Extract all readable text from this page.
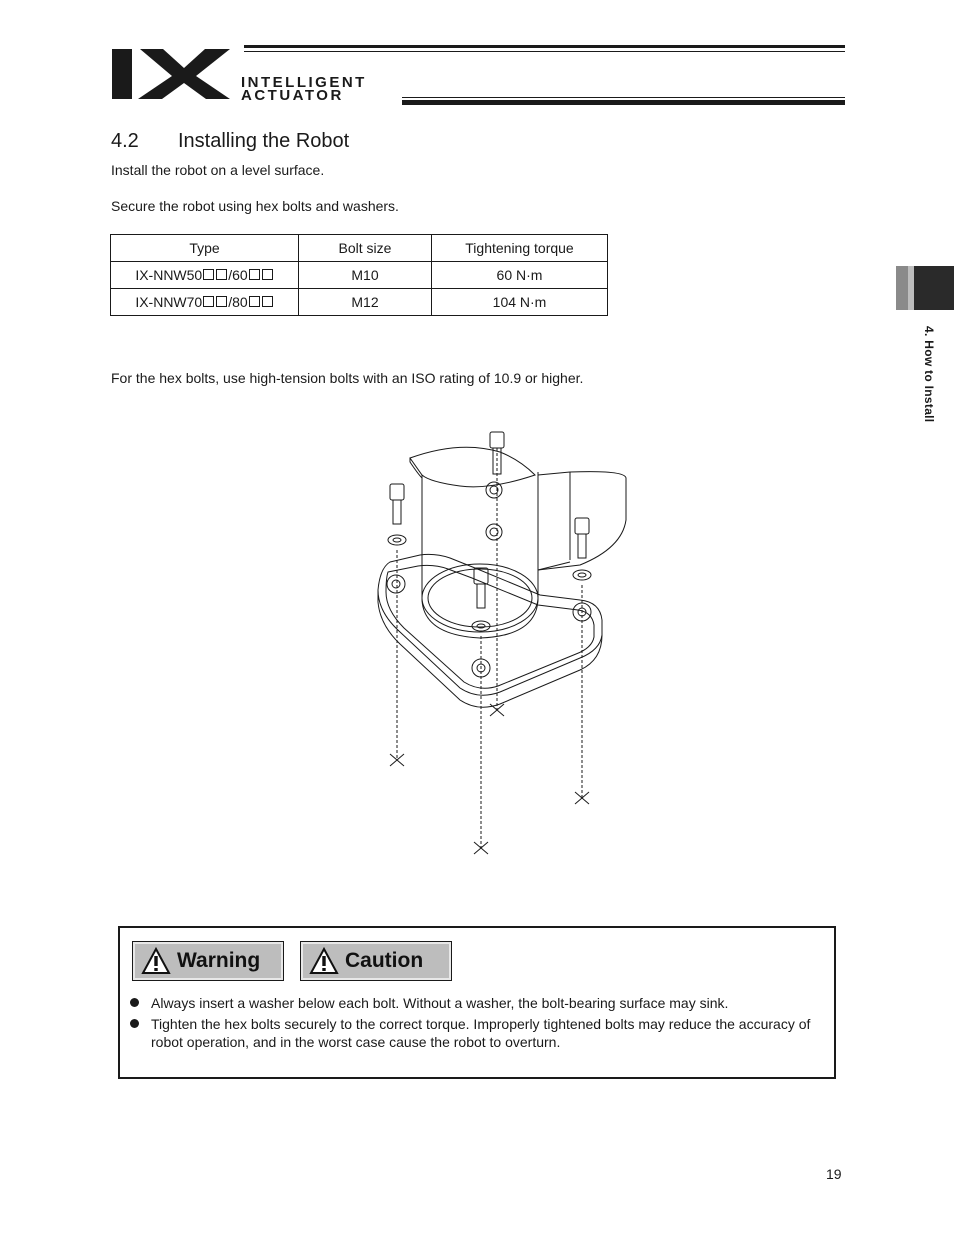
INTELLIGENT
ACTUATOR
4. How to Install
4.2 Installing the Robot
Install the robot on a level surface.
Secure the robot using hex bolts and washers.
Type	Bolt size	Tightening torque
IX-NNW50 /60	M10	60 N·m
IX-NNW70 /80	M12	104 N·m
For the hex bolts, use high-tension bolts with an ISO rating of 10.9 or higher.
Warning	Caution
Always insert a washer below each bolt. Without a washer, the bolt-bearing surface may sink.
Tighten the hex bolts securely to the correct torque. Improperly tightened bolts may reduce the accuracy of robot operation, and in the worst case cause the robot to overturn.
19
